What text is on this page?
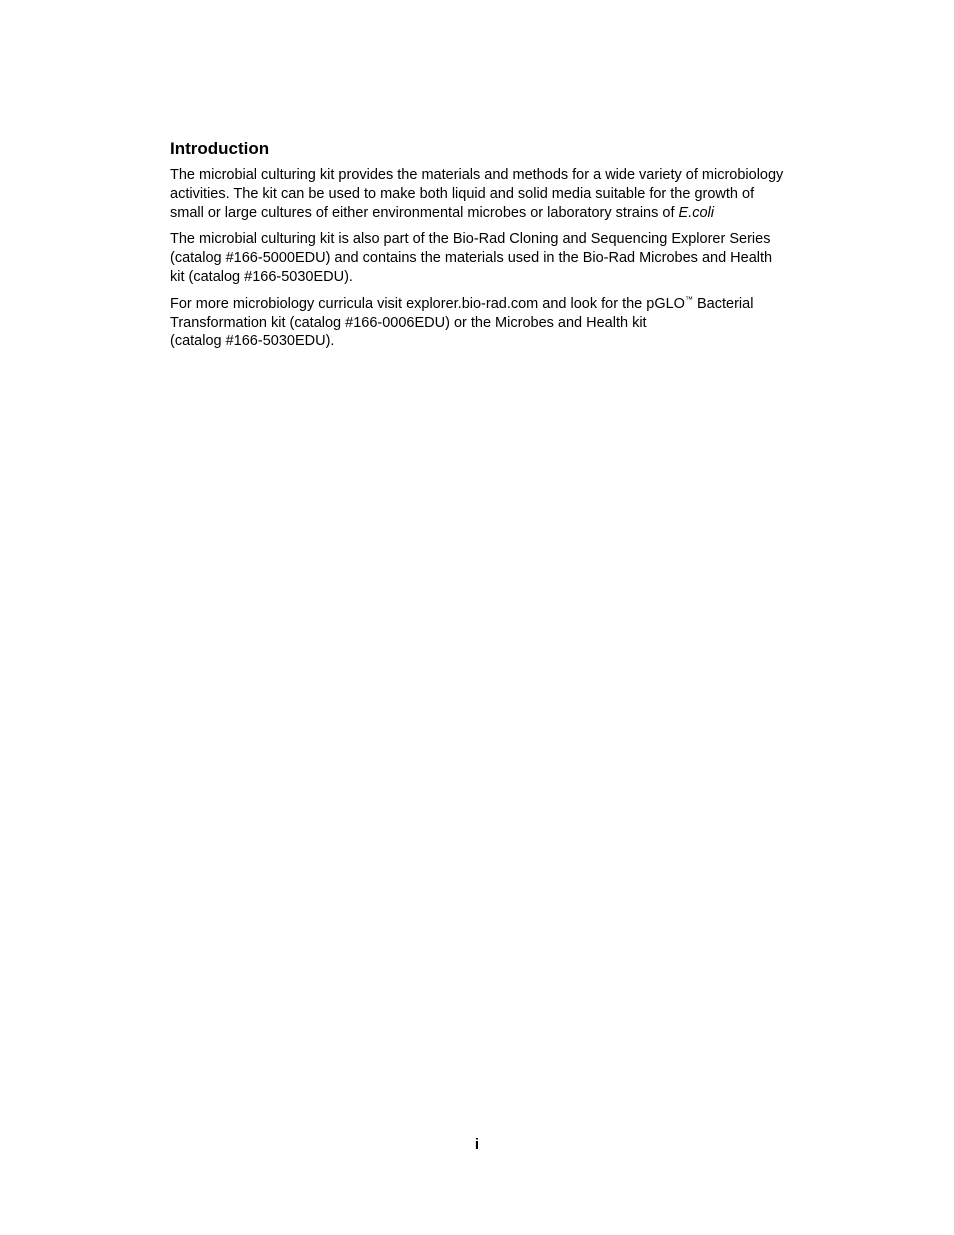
Introduction

The microbial culturing kit provides the materials and methods for a wide variety of microbiology activities. The kit can be used to make both liquid and solid media suitable for the growth of small or large cultures of either environmental microbes or laboratory strains of E.coli

The microbial culturing kit is also part of the Bio-Rad Cloning and Sequencing Explorer Series (catalog #166-5000EDU) and contains the materials used in the Bio-Rad Microbes and Health kit (catalog #166-5030EDU).

For more microbiology curricula visit explorer.bio-rad.com and look for the pGLO™ Bacterial Transformation kit (catalog #166-0006EDU) or the Microbes and Health kit
(catalog #166-5030EDU).

i
